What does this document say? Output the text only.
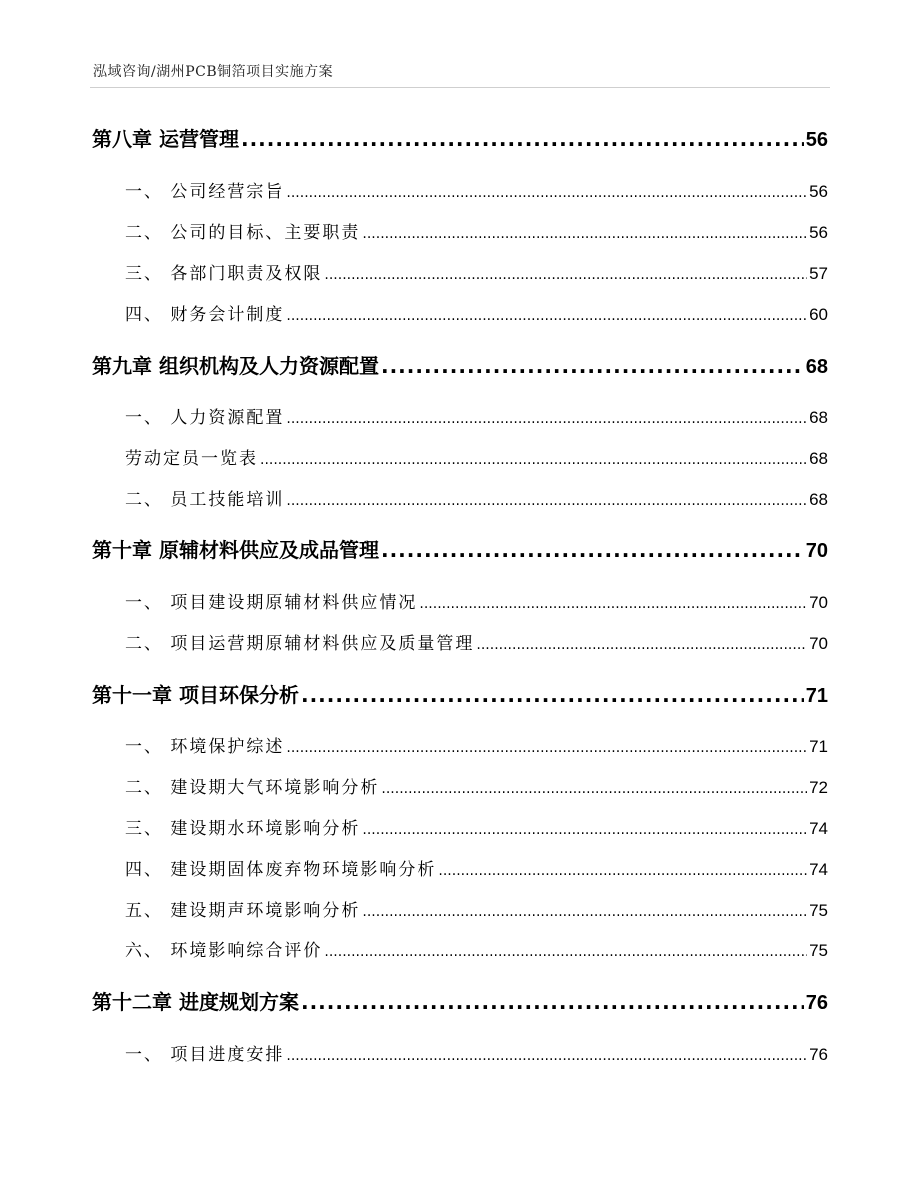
泓域咨询/湖州PCB铜箔项目实施方案
第八章 运营管理 .....	56
一、 公司经营宗旨 .....	56
二、 公司的目标、主要职责 .....	56
三、 各部门职责及权限 .....	57
四、 财务会计制度 .....	60
第九章 组织机构及人力资源配置 .....	68
一、 人力资源配置 .....	68
劳动定员一览表 .....	68
二、 员工技能培训 .....	68
第十章 原辅材料供应及成品管理 .....	70
一、 项目建设期原辅材料供应情况 .....	70
二、 项目运营期原辅材料供应及质量管理 .....	70
第十一章 项目环保分析 .....	71
一、 环境保护综述 .....	71
二、 建设期大气环境影响分析 .....	72
三、 建设期水环境影响分析 .....	74
四、 建设期固体废弃物环境影响分析 .....	74
五、 建设期声环境影响分析 .....	75
六、 环境影响综合评价 .....	75
第十二章 进度规划方案 .....	76
一、 项目进度安排 .....	76
